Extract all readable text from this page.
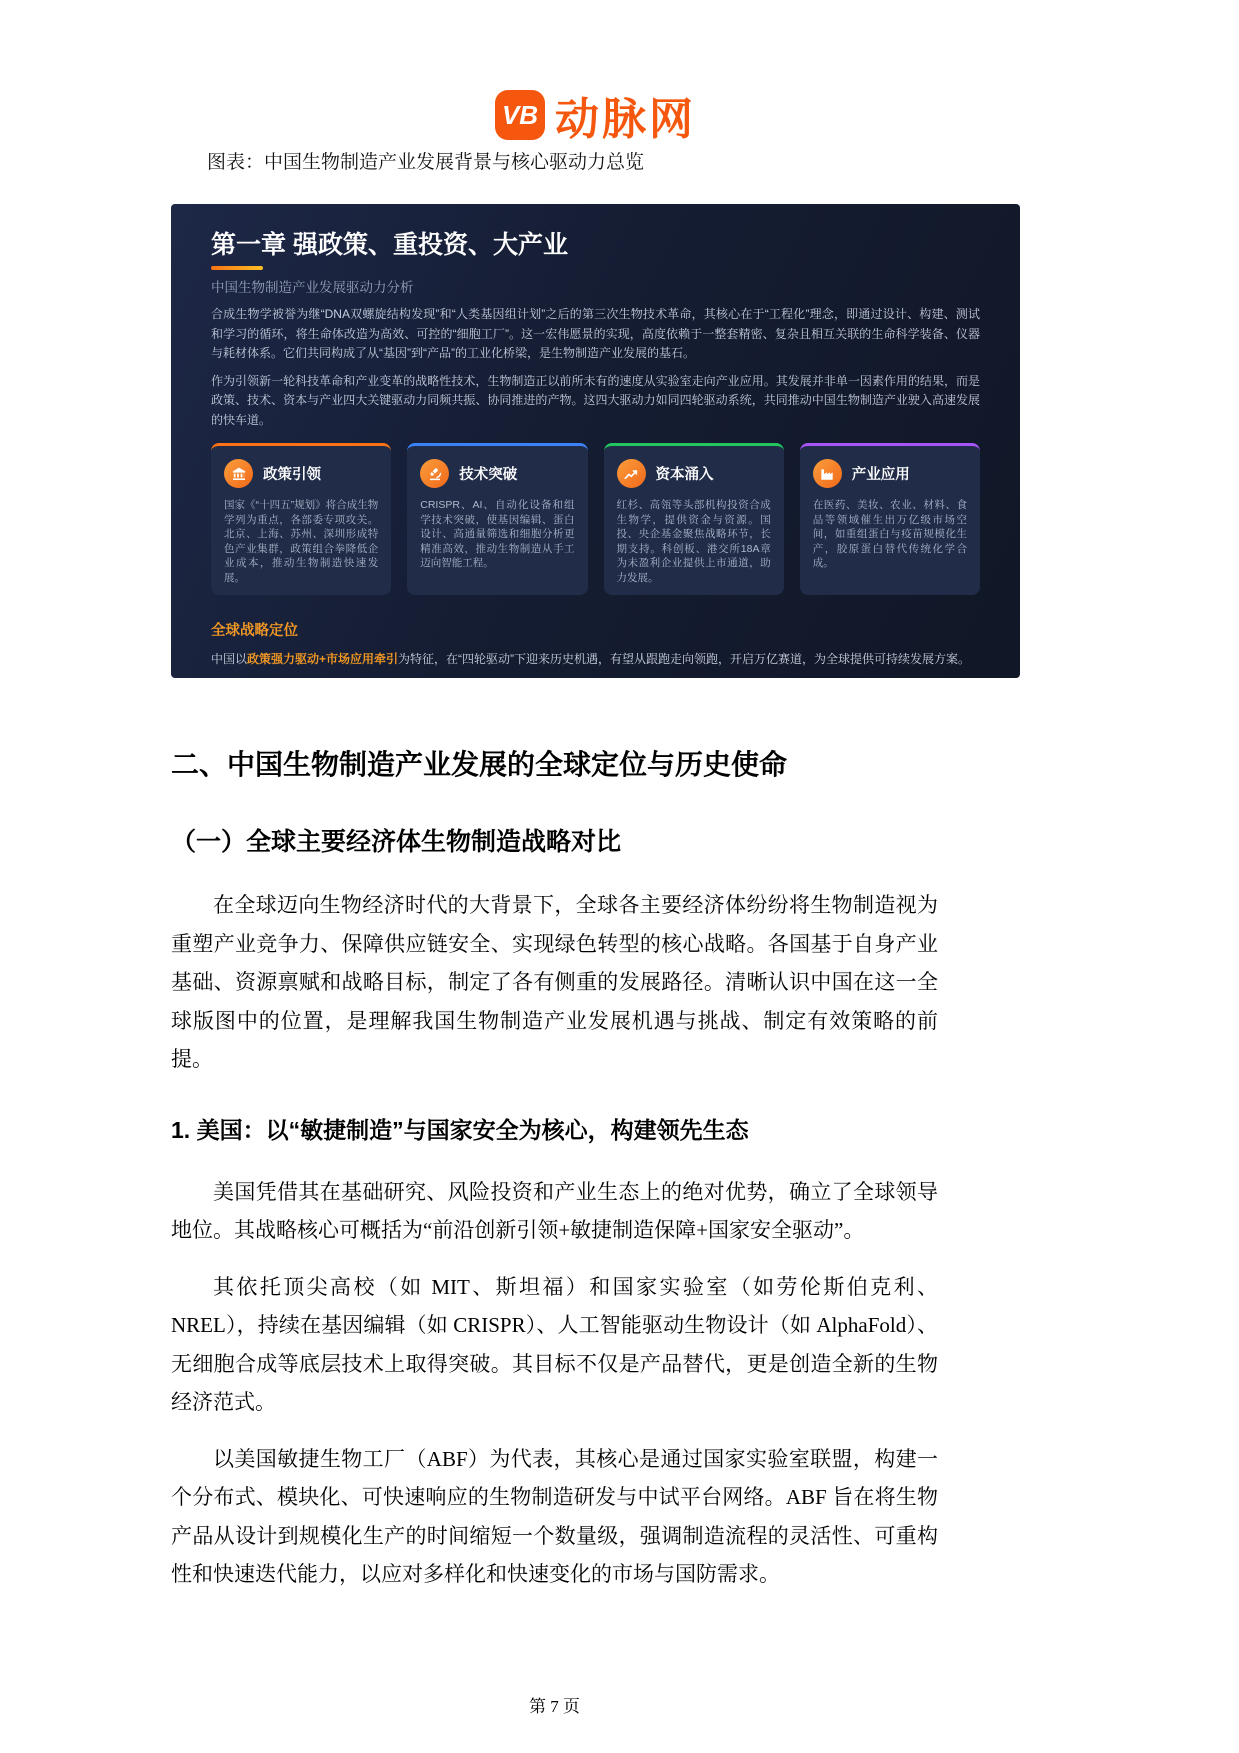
VB 动脉网
图表：中国生物制造产业发展背景与核心驱动力总览
第一章 强政策、重投资、大产业
中国生物制造产业发展驱动力分析

合成生物学被誉为继“DNA双螺旋结构发现”和“人类基因组计划”之后的第三次生物技术革命，其核心在于“工程化”理念，即通过设计、构建、测试和学习的循环，将生命体改造为高效、可控的“细胞工厂”。这一宏伟愿景的实现，高度依赖于一整套精密、复杂且相互关联的生命科学装备、仪器与耗材体系。它们共同构成了从“基因”到“产品”的工业化桥梁，是生物制造产业发展的基石。

作为引领新一轮科技革命和产业变革的战略性技术，生物制造正以前所未有的速度从实验室走向产业应用。其发展并非单一因素作用的结果，而是政策、技术、资本与产业四大关键驱动力同频共振、协同推进的产物。这四大驱动力如同四轮驱动系统，共同推动中国生物制造产业驶入高速发展的快车道。

政策引领
国家《“十四五”规划》将合成生物学列为重点，各部委专项攻关。北京、上海、苏州、深圳形成特色产业集群，政策组合拳降低企业成本，推动生物制造快速发展。
技术突破
CRISPR、AI、自动化设备和组学技术突破，使基因编辑、蛋白设计、高通量筛选和细胞分析更精准高效，推动生物制造从手工迈向智能工程。
资本涌入
红杉、高瓴等头部机构投资合成生物学，提供资金与资源。国投、央企基金聚焦战略环节，长期支持。科创板、港交所18A章为未盈利企业提供上市通道，助力发展。
产业应用
在医药、美妆、农业、材料、食品等领域催生出万亿级市场空间，如重组蛋白与疫苗规模化生产，胶原蛋白替代传统化学合成。
全球战略定位
中国以政策强力驱动+市场应用牵引为特征，在“四轮驱动”下迎来历史机遇，有望从跟跑走向领跑，开启万亿赛道，为全球提供可持续发展方案。
二、中国生物制造产业发展的全球定位与历史使命
（一）全球主要经济体生物制造战略对比

在全球迈向生物经济时代的大背景下，全球各主要经济体纷纷将生物制造视为重塑产业竞争力、保障供应链安全、实现绿色转型的核心战略。各国基于自身产业基础、资源禀赋和战略目标，制定了各有侧重的发展路径。清晰认识中国在这一全球版图中的位置，是理解我国生物制造产业发展机遇与挑战、制定有效策略的前提。

1. 美国：以“敏捷制造”与国家安全为核心，构建领先生态

美国凭借其在基础研究、风险投资和产业生态上的绝对优势，确立了全球领导地位。其战略核心可概括为“前沿创新引领+敏捷制造保障+国家安全驱动”。

其依托顶尖高校（如 MIT、斯坦福）和国家实验室（如劳伦斯伯克利、NREL），持续在基因编辑（如 CRISPR）、人工智能驱动生物设计（如 AlphaFold）、无细胞合成等底层技术上取得突破。其目标不仅是产品替代，更是创造全新的生物经济范式。

以美国敏捷生物工厂（ABF）为代表，其核心是通过国家实验室联盟，构建一个分布式、模块化、可快速响应的生物制造研发与中试平台网络。ABF 旨在将生物产品从设计到规模化生产的时间缩短一个数量级，强调制造流程的灵活性、可重构性和快速迭代能力，以应对多样化和快速变化的市场与国防需求。

第 7 页
